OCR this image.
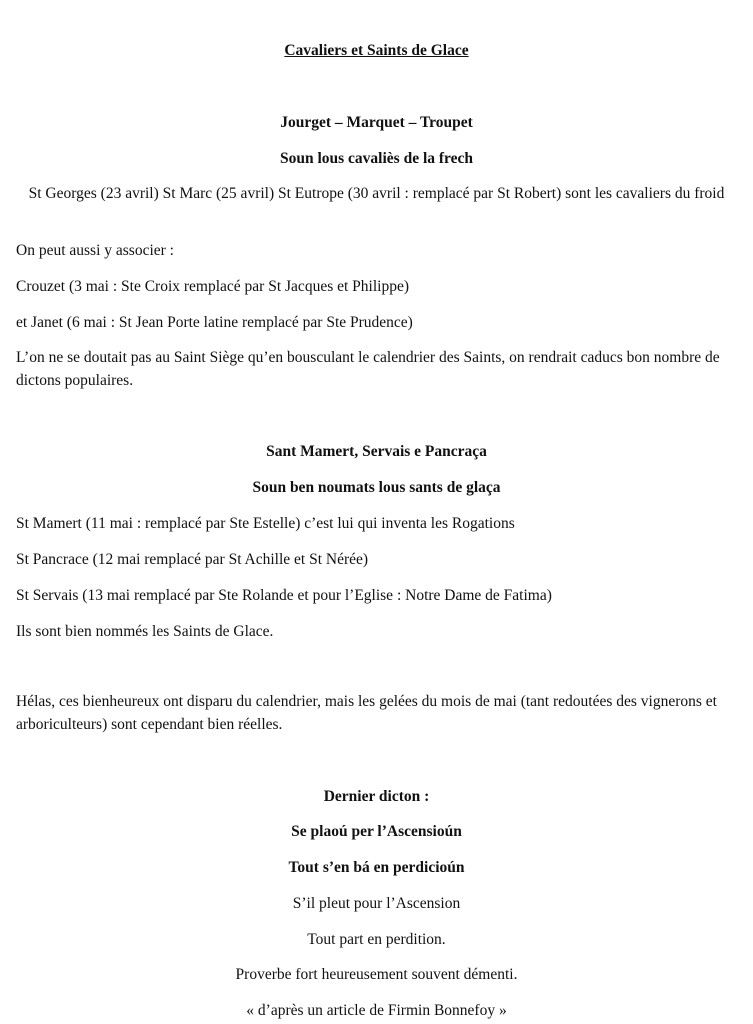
Cavaliers et Saints de Glace

Jourget – Marquet – Troupet

Soun lous cavaliès de la frech

St Georges (23 avril) St Marc (25 avril) St Eutrope (30 avril : remplacé par St Robert) sont les cavaliers du froid

On peut aussi y associer :

Crouzet (3 mai : Ste Croix remplacé par St Jacques et Philippe)

et Janet (6 mai : St Jean Porte latine remplacé par Ste Prudence)

L’on ne se doutait pas au Saint Siège qu’en bousculant le calendrier des Saints, on rendrait caducs bon nombre de dictons populaires.

Sant Mamert, Servais e Pancraça

Soun ben noumats lous sants de glaça

St Mamert (11 mai : remplacé par Ste Estelle) c’est lui qui inventa les Rogations

St Pancrace (12 mai remplacé par St Achille et St Nérée)

St Servais (13 mai remplacé par Ste Rolande et pour l’Eglise : Notre Dame de Fatima)

Ils sont bien nommés les Saints de Glace.

Hélas, ces bienheureux ont disparu du calendrier, mais les gelées du mois de mai (tant redoutées des vignerons et arboriculteurs) sont cependant bien réelles.

Dernier dicton :

Se plaoú per l’Ascensioún

Tout s’en bá en perdicioún

S’il pleut pour l’Ascension

Tout part en perdition.

Proverbe fort heureusement souvent démenti.

« d’après un article de Firmin Bonnefoy »
